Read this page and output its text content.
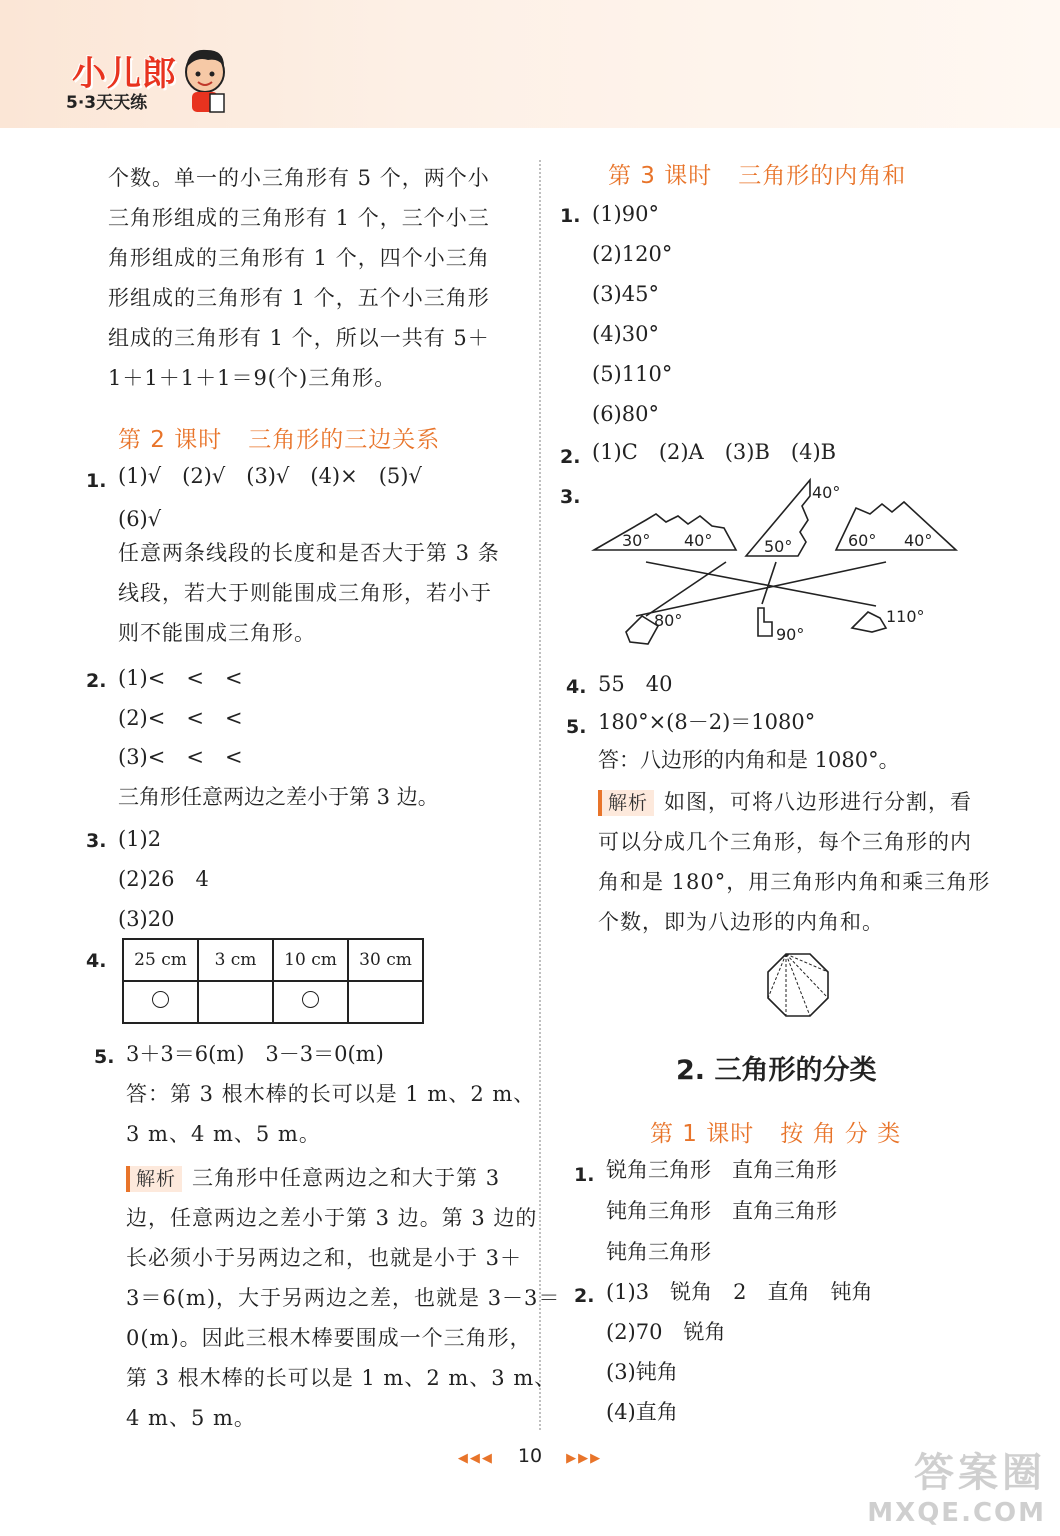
小儿郎
5·3天天练
个数。单一的小三角形有 5 个，两个小
三角形组成的三角形有 1 个，三个小三
角形组成的三角形有 1 个，四个小三角
形组成的三角形有 1 个，五个小三角形
组成的三角形有 1 个，所以一共有 5＋
1＋1＋1＋1＝9(个)三角形。
第 2 课时 三角形的三边关系
1. (1)√　(2)√　(3)√　(4)×　(5)√
(6)√
任意两条线段的长度和是否大于第 3 条
线段，若大于则能围成三角形，若小于
则不能围成三角形。
2. (1)<　<　<
(2)<　<　<
(3)<　<　<
三角形任意两边之差小于第 3 边。
3. (1)2
(2)26　4
(3)20
4. 25 cm	3 cm	10 cm	30 cm

5. 3＋3＝6(m)　3－3＝0(m)
答：第 3 根木棒的长可以是 1 m、2 m、
3 m、4 m、5 m。
解析 三角形中任意两边之和大于第 3
边，任意两边之差小于第 3 边。第 3 边的
长必须小于另两边之和，也就是小于 3＋
3＝6(m)，大于另两边之差，也就是 3－3＝
0(m)。因此三根木棒要围成一个三角形，
第 3 根木棒的长可以是 1 m、2 m、3 m、
4 m、5 m。
第 3 课时 三角形的内角和
1. (1)90°
(2)120°
(3)45°
(4)30°
(5)110°
(6)80°
2. (1)C　(2)A　(3)B　(4)B
3.
30° 40°	50°
40°
60° 40°
80°
90°
110°
4. 55　40
5. 180°×(8－2)＝1080°
答：八边形的内角和是 1080°。
解析 如图，可将八边形进行分割，看
可以分成几个三角形，每个三角形的内
角和是 180°，用三角形内角和乘三角形
个数，即为八边形的内角和。
2. 三角形的分类
第 1 课时 按 角 分 类
1. 锐角三角形　直角三角形
钝角三角形　直角三角形
钝角三角形
2. (1)3　锐角　2　直角　钝角
(2)70　锐角
(3)钝角
(4)直角
◀◀◀ 10 ▶▶▶	答案圈
MXQE.COM
